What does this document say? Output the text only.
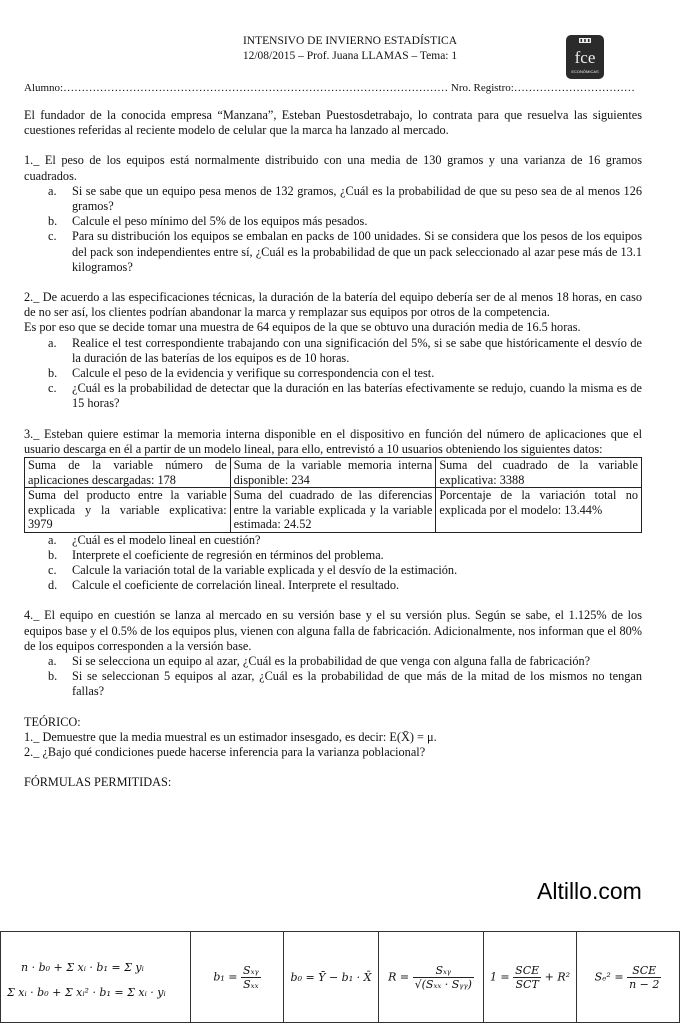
INTENSIVO DE INVIERNO ESTADÍSTICA
12/08/2015 – Prof. Juana LLAMAS – Tema: 1	fce
ECONÓMICAS
Alumno:…………………………………………………………………………………………… Nro. Registro:……………………………

El fundador de la conocida empresa “Manzana”, Esteban Puestosdetrabajo, lo contrata para que resuelva las siguientes cuestiones referidas al reciente modelo de celular que la marca ha lanzado al mercado.

1._ El peso de los equipos está normalmente distribuido con una media de 130 gramos y una varianza de 16 gramos cuadrados.

a. Si se sabe que un equipo pesa menos de 132 gramos, ¿Cuál es la probabilidad de que su peso sea de al menos 126 gramos?
b. Calcule el peso mínimo del 5% de los equipos más pesados.
c. Para su distribución los equipos se embalan en packs de 100 unidades. Si se considera que los pesos de los equipos del pack son independientes entre sí, ¿Cuál es la probabilidad de que un pack seleccionado al azar pese más de 13.1 kilogramos?

2._ De acuerdo a las especificaciones técnicas, la duración de la batería del equipo debería ser de al menos 18 horas, en caso de no ser así, los clientes podrían abandonar la marca y remplazar sus equipos por otros de la competencia.

Es por eso que se decide tomar una muestra de 64 equipos de la que se obtuvo una duración media de 16.5 horas.

a. Realice el test correspondiente trabajando con una significación del 5%, si se sabe que históricamente el desvío de la duración de las baterías de los equipos es de 10 horas.
b. Calcule el peso de la evidencia y verifique su correspondencia con el test.
c. ¿Cuál es la probabilidad de detectar que la duración en las baterías efectivamente se redujo, cuando la misma es de 15 horas?

3._ Esteban quiere estimar la memoria interna disponible en el dispositivo en función del número de aplicaciones que el usuario descarga en él a partir de un modelo lineal, para ello, entrevistó a 10 usuarios obteniendo los siguientes datos:

Suma de la variable número de aplicaciones descargadas: 178	Suma de la variable memoria interna disponible: 234	Suma del cuadrado de la variable explicativa: 3388
Suma del producto entre la variable explicada y la variable explicativa: 3979	Suma del cuadrado de las diferencias entre la variable explicada y la variable estimada: 24.52	Porcentaje de la variación total no explicada por el modelo: 13.44%
a. ¿Cuál es el modelo lineal en cuestión?
b. Interprete el coeficiente de regresión en términos del problema.
c. Calcule la variación total de la variable explicada y el desvío de la estimación.
d. Calcule el coeficiente de correlación lineal. Interprete el resultado.

4._ El equipo en cuestión se lanza al mercado en su versión base y el su versión plus. Según se sabe, el 1.125% de los equipos base y el 0.5% de los equipos plus, vienen con alguna falla de fabricación. Adicionalmente, nos informan que el 80% de los equipos corresponden a la versión base.

a. Si se selecciona un equipo al azar, ¿Cuál es la probabilidad de que venga con alguna falla de fabricación?
b. Si se seleccionan 5 equipos al azar, ¿Cuál es la probabilidad de que más de la mitad de los mismos no tengan fallas?

TEÓRICO:

1._ Demuestre que la media muestral es un estimador insesgado, es decir: E(X̄) = μ.

2._ ¿Bajo qué condiciones puede hacerse inferencia para la varianza poblacional?

FÓRMULAS PERMITIDAS:

Altillo.com
n · b₀ + Σ xᵢ · b₁ = Σ yᵢ
Σ xᵢ · b₀ + Σ xᵢ² · b₁ = Σ xᵢ · yᵢ
	$b_1 = \frac{\text{Sₓᵧ}}{\text{Sₓₓ}}$	b₀ = Ȳ − b₁ · X̄	$R = \frac{\text{Sₓᵧ}}{\text{√(Sₓₓ · Sᵧᵧ)}}$	$1 = \frac{\text{SCE}}{\text{SCT}} + R^2$	$S_e^2 = \frac{\text{SCE}}{n - 2}$
